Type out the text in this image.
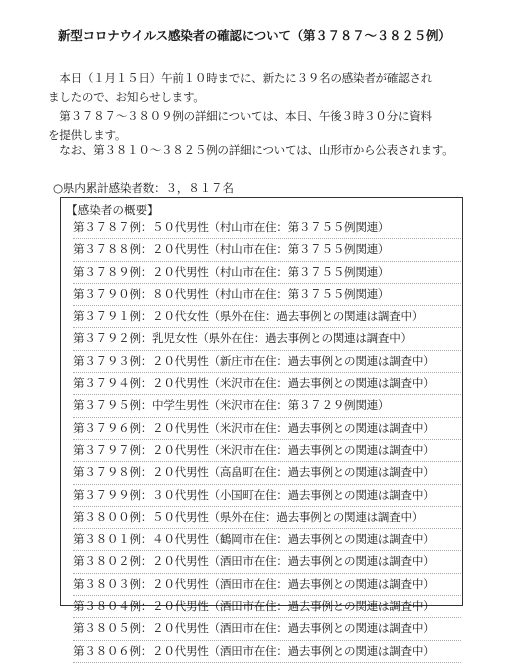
新型コロナウイルス感染者の確認について（第３７８７～３８２５例）
　本日（１月１５日）午前１０時までに、新たに３９名の感染者が確認され
ましたので、お知らせします。
　第３７８７～３８０９例の詳細については、本日、午後３時３０分に資料
を提供します。
　なお、第３８１０～３８２５例の詳細については、山形市から公表されます。
○県内累計感染者数：３，８１７名
【感染者の概要】
第３７８７例：５０代男性（村山市在住：第３７５５例関連）
第３７８８例：２０代男性（村山市在住：第３７５５例関連）
第３７８９例：２０代男性（村山市在住：第３７５５例関連）
第３７９０例：８０代男性（村山市在住：第３７５５例関連）
第３７９１例：２０代女性（県外在住：過去事例との関連は調査中）
第３７９２例：乳児女性（県外在住：過去事例との関連は調査中）
第３７９３例：２０代男性（新庄市在住：過去事例との関連は調査中）
第３７９４例：２０代男性（米沢市在住：過去事例との関連は調査中）
第３７９５例：中学生男性（米沢市在住：第３７２９例関連）
第３７９６例：２０代男性（米沢市在住：過去事例との関連は調査中）
第３７９７例：２０代男性（米沢市在住：過去事例との関連は調査中）
第３７９８例：２０代男性（高畠町在住：過去事例との関連は調査中）
第３７９９例：３０代男性（小国町在住：過去事例との関連は調査中）
第３８００例：５０代男性（県外在住：過去事例との関連は調査中）
第３８０１例：４０代男性（鶴岡市在住：過去事例との関連は調査中）
第３８０２例：２０代男性（酒田市在住：過去事例との関連は調査中）
第３８０３例：２０代男性（酒田市在住：過去事例との関連は調査中）
第３８０４例：２０代男性（酒田市在住：過去事例との関連は調査中）
第３８０５例：２０代男性（酒田市在住：過去事例との関連は調査中）
第３８０６例：２０代男性（酒田市在住：過去事例との関連は調査中）
